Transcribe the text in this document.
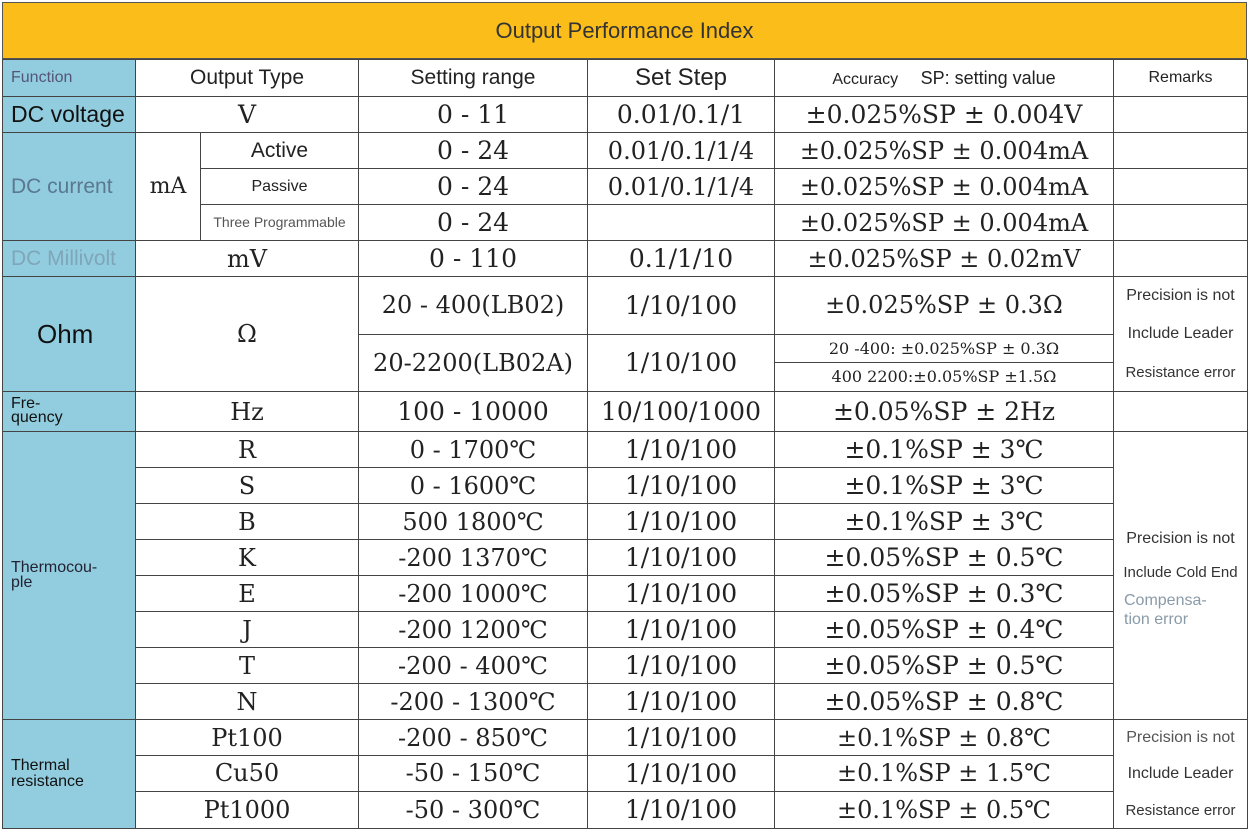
Output Performance Index
Function	Output Type		Setting range	Set Step	Accuracy SP: setting value	Remarks
DC voltage	V		0 - 11	0.01/0.1/1	±0.025%SP ± 0.004V	
DC current	mA	Active	0 - 24	0.01/0.1/1/4	±0.025%SP ± 0.004mA	
		Passive	0 - 24	0.01/0.1/1/4	±0.025%SP ± 0.004mA	
		Three Programmable	0 - 24		±0.025%SP ± 0.004mA	
DC Millivolt	mV		0 - 110	0.1/1/10	±0.025%SP ± 0.02mV	
Ohm	Ω		20 - 400(LB02)	1/10/100	±0.025%SP ± 0.3Ω	Precision is not
Include Leader
Resistance error

			20-2200(LB02A)	1/10/100	20 -400: ±0.025%SP ± 0.3Ω
400 2200:±0.05%SP ±1.5Ω	

Fre-quency	Hz		100 - 10000	10/100/1000	±0.05%SP ± 2Hz	
Thermocou-ple	R		0 - 1700℃	1/10/100	±0.1%SP ± 3℃	Precision is not
Include Cold End
Compensa-tion error

	S		0 - 1600℃	1/10/100	±0.1%SP ± 3℃	
	B		500 1800℃	1/10/100	±0.1%SP ± 3℃	
	K		-200 1370℃	1/10/100	±0.05%SP ± 0.5℃	
	E		-200 1000℃	1/10/100	±0.05%SP ± 0.3℃	
	J		-200 1200℃	1/10/100	±0.05%SP ± 0.4℃	
	T		-200 - 400℃	1/10/100	±0.05%SP ± 0.5℃	
	N		-200 - 1300℃	1/10/100	±0.05%SP ± 0.8℃	
Thermal resistance	Pt100		-200 - 850℃	1/10/100	±0.1%SP ± 0.8℃	Precision is not
Include Leader
Resistance error

	Cu50		-50 - 150℃	1/10/100	±0.1%SP ± 1.5℃	
	Pt1000		-50 - 300℃	1/10/100	±0.1%SP ± 0.5℃	
